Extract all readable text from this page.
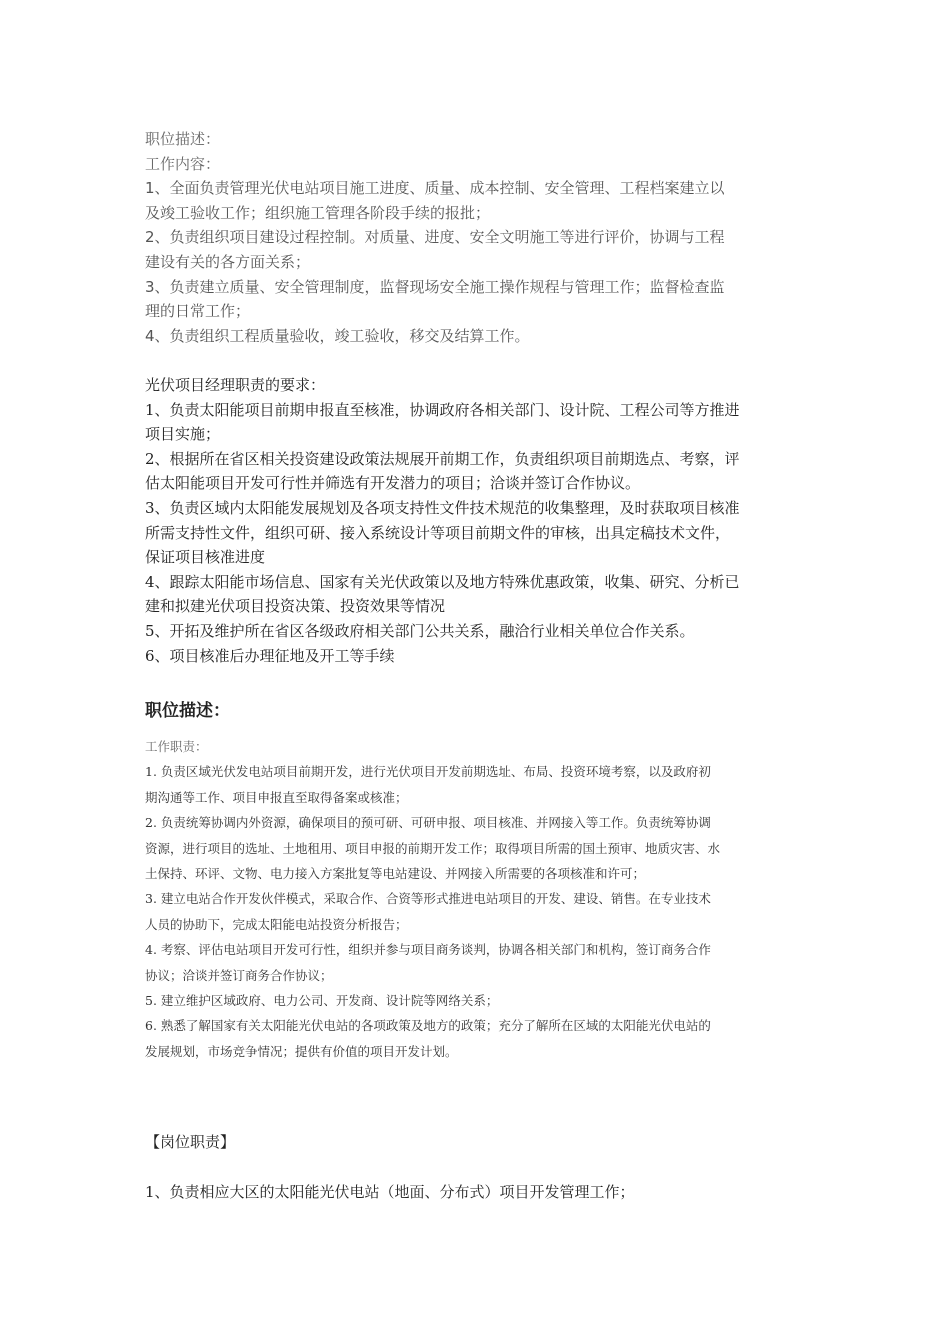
职位描述：
工作内容：
1、全面负责管理光伏电站项目施工进度、质量、成本控制、安全管理、工程档案建立以
及竣工验收工作；组织施工管理各阶段手续的报批；
2、负责组织项目建设过程控制。对质量、进度、安全文明施工等进行评价，协调与工程
建设有关的各方面关系；
3、负责建立质量、安全管理制度，监督现场安全施工操作规程与管理工作；监督检查监
理的日常工作；
4、负责组织工程质量验收，竣工验收，移交及结算工作。
光伏项目经理职责的要求：
1、负责太阳能项目前期申报直至核准，协调政府各相关部门、设计院、工程公司等方推进
项目实施；
2、根据所在省区相关投资建设政策法规展开前期工作，负责组织项目前期选点、考察，评
估太阳能项目开发可行性并筛选有开发潜力的项目；洽谈并签订合作协议。
3、负责区域内太阳能发展规划及各项支持性文件技术规范的收集整理，及时获取项目核准
所需支持性文件，组织可研、接入系统设计等项目前期文件的审核，出具定稿技术文件，
保证项目核准进度
4、跟踪太阳能市场信息、国家有关光伏政策以及地方特殊优惠政策，收集、研究、分析已
建和拟建光伏项目投资决策、投资效果等情况
5、开拓及维护所在省区各级政府相关部门公共关系，融洽行业相关单位合作关系。
6、项目核准后办理征地及开工等手续
职位描述：
工作职责：
1. 负责区域光伏发电站项目前期开发，进行光伏项目开发前期选址、布局、投资环境考察，以及政府初
期沟通等工作、项目申报直至取得备案或核准；
2. 负责统筹协调内外资源，确保项目的预可研、可研申报、项目核准、并网接入等工作。负责统筹协调
资源，进行项目的选址、土地租用、项目申报的前期开发工作；取得项目所需的国土预审、地质灾害、水
土保持、环评、文物、电力接入方案批复等电站建设、并网接入所需要的各项核准和许可；
3. 建立电站合作开发伙伴模式，采取合作、合资等形式推进电站项目的开发、建设、销售。在专业技术
人员的协助下，完成太阳能电站投资分析报告；
4. 考察、评估电站项目开发可行性，组织并参与项目商务谈判，协调各相关部门和机构，签订商务合作
协议；洽谈并签订商务合作协议；
5. 建立维护区域政府、电力公司、开发商、设计院等网络关系；
6. 熟悉了解国家有关太阳能光伏电站的各项政策及地方的政策；充分了解所在区域的太阳能光伏电站的
发展规划，市场竞争情况；提供有价值的项目开发计划。
【岗位职责】
1、负责相应大区的太阳能光伏电站（地面、分布式）项目开发管理工作；
